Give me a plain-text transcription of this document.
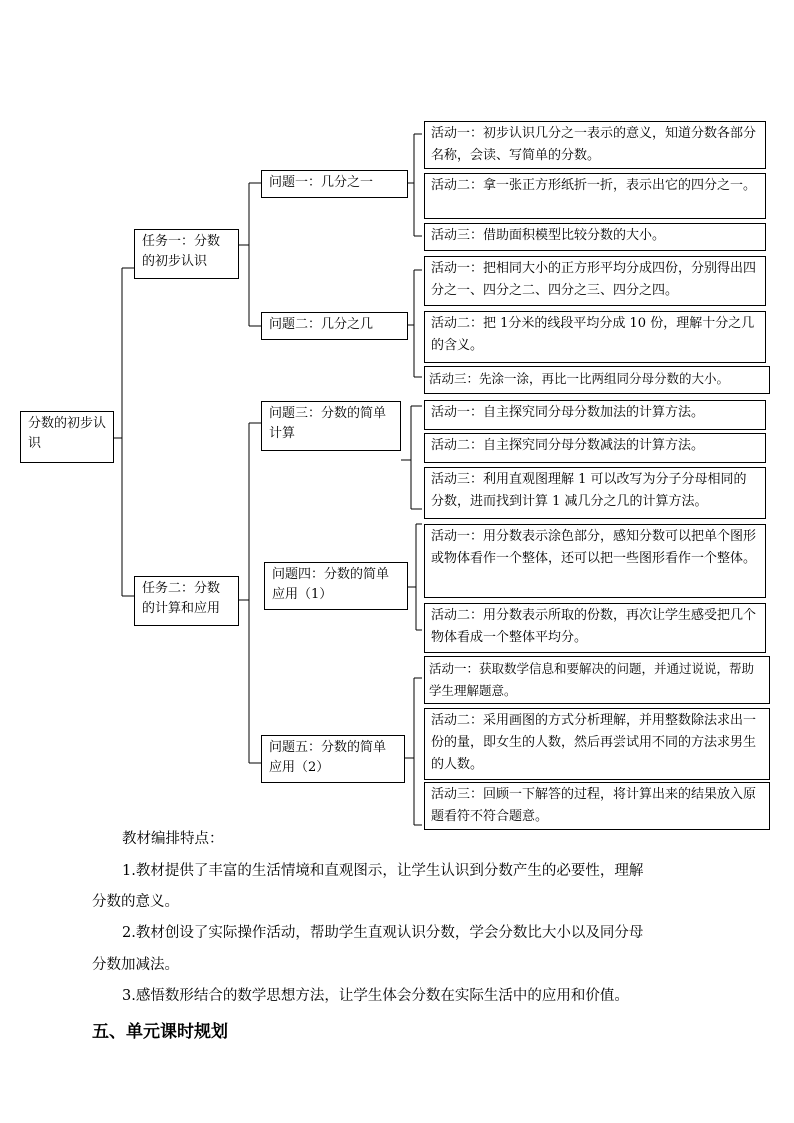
分数的初步认识
任务一：分数的初步认识
任务二：分数的计算和应用
问题一：几分之一
问题二：几分之几
问题三：分数的简单计算
问题四：分数的简单应用（1）
问题五：分数的简单应用（2）
活动一：初步认识几分之一表示的意义，知道分数各部分名称，会读、写简单的分数。
活动二：拿一张正方形纸折一折，表示出它的四分之一。
活动三：借助面积模型比较分数的大小。
活动一：把相同大小的正方形平均分成四份，分别得出四分之一、四分之二、四分之三、四分之四。
活动二：把 1分米的线段平均分成 10 份，理解十分之几的含义。
活动三：先涂一涂，再比一比两组同分母分数的大小。
活动一：自主探究同分母分数加法的计算方法。
活动二：自主探究同分母分数减法的计算方法。
活动三：利用直观图理解 1 可以改写为分子分母相同的分数，进而找到计算 1 减几分之几的计算方法。
活动一：用分数表示涂色部分，感知分数可以把单个图形或物体看作一个整体，还可以把一些图形看作一个整体。
活动二：用分数表示所取的份数，再次让学生感受把几个物体看成一个整体平均分。
活动一：获取数学信息和要解决的问题，并通过说说，帮助学生理解题意。
活动二：采用画图的方式分析理解，并用整数除法求出一份的量，即女生的人数，然后再尝试用不同的方法求男生的人数。
活动三：回顾一下解答的过程，将计算出来的结果放入原题看符不符合题意。
教材编排特点：
1.教材提供了丰富的生活情境和直观图示，让学生认识到分数产生的必要性，理解
分数的意义。
2.教材创设了实际操作活动，帮助学生直观认识分数，学会分数比大小以及同分母
分数加减法。
3.感悟数形结合的数学思想方法，让学生体会分数在实际生活中的应用和价值。
五、单元课时规划
